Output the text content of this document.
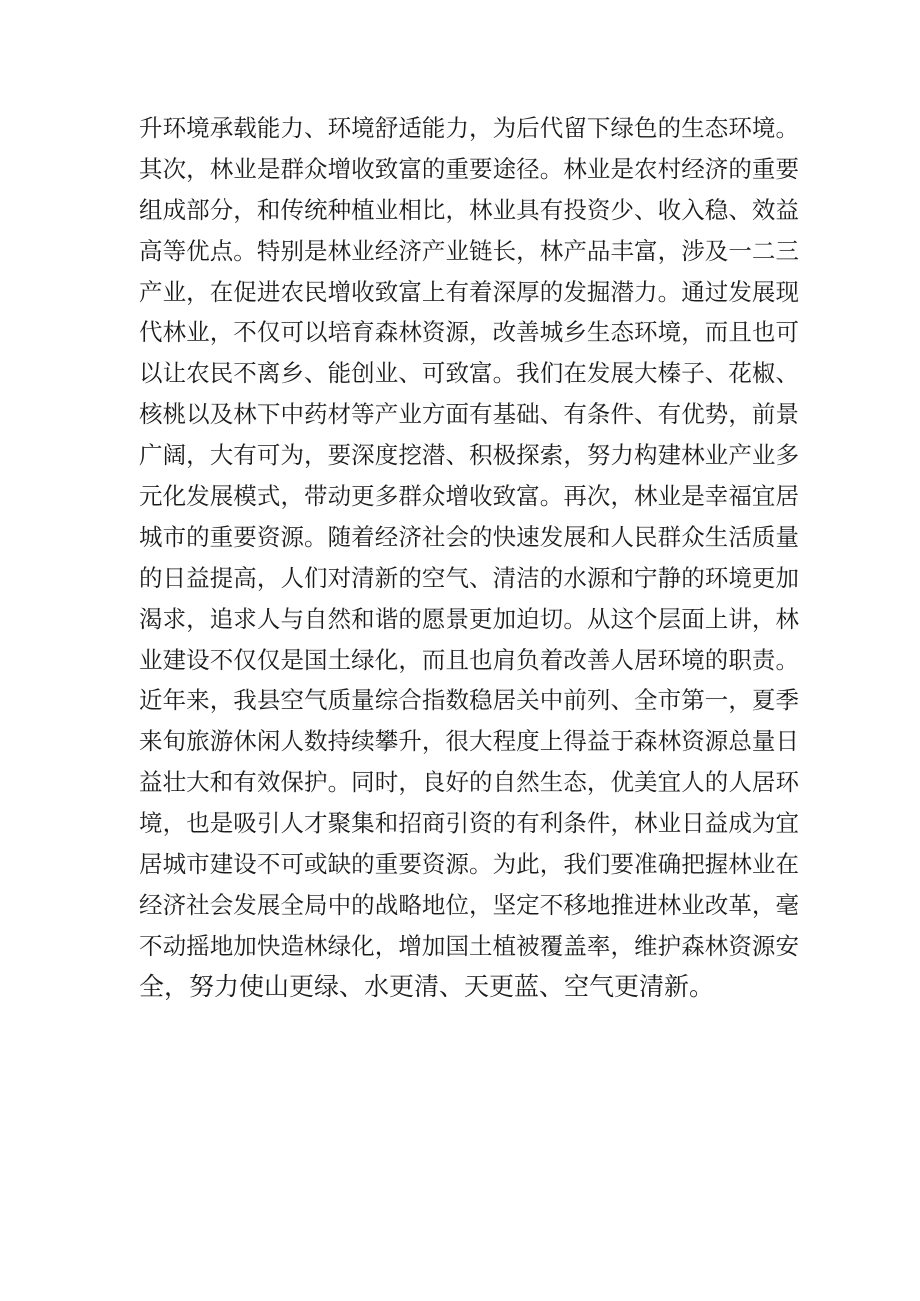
升环境承载能力、环境舒适能力，为后代留下绿色的生态环境。
其次，林业是群众增收致富的重要途径。林业是农村经济的重要
组成部分，和传统种植业相比，林业具有投资少、收入稳、效益
高等优点。特别是林业经济产业链长，林产品丰富，涉及一二三
产业，在促进农民增收致富上有着深厚的发掘潜力。通过发展现
代林业，不仅可以培育森林资源，改善城乡生态环境，而且也可
以让农民不离乡、能创业、可致富。我们在发展大榛子、花椒、
核桃以及林下中药材等产业方面有基础、有条件、有优势，前景
广阔，大有可为，要深度挖潜、积极探索，努力构建林业产业多
元化发展模式，带动更多群众增收致富。再次，林业是幸福宜居
城市的重要资源。随着经济社会的快速发展和人民群众生活质量
的日益提高，人们对清新的空气、清洁的水源和宁静的环境更加
渴求，追求人与自然和谐的愿景更加迫切。从这个层面上讲，林
业建设不仅仅是国土绿化，而且也肩负着改善人居环境的职责。
近年来，我县空气质量综合指数稳居关中前列、全市第一，夏季
来旬旅游休闲人数持续攀升，很大程度上得益于森林资源总量日
益壮大和有效保护。同时，良好的自然生态，优美宜人的人居环
境，也是吸引人才聚集和招商引资的有利条件，林业日益成为宜
居城市建设不可或缺的重要资源。为此，我们要准确把握林业在
经济社会发展全局中的战略地位，坚定不移地推进林业改革，毫
不动摇地加快造林绿化，增加国土植被覆盖率，维护森林资源安
全，努力使山更绿、水更清、天更蓝、空气更清新。
